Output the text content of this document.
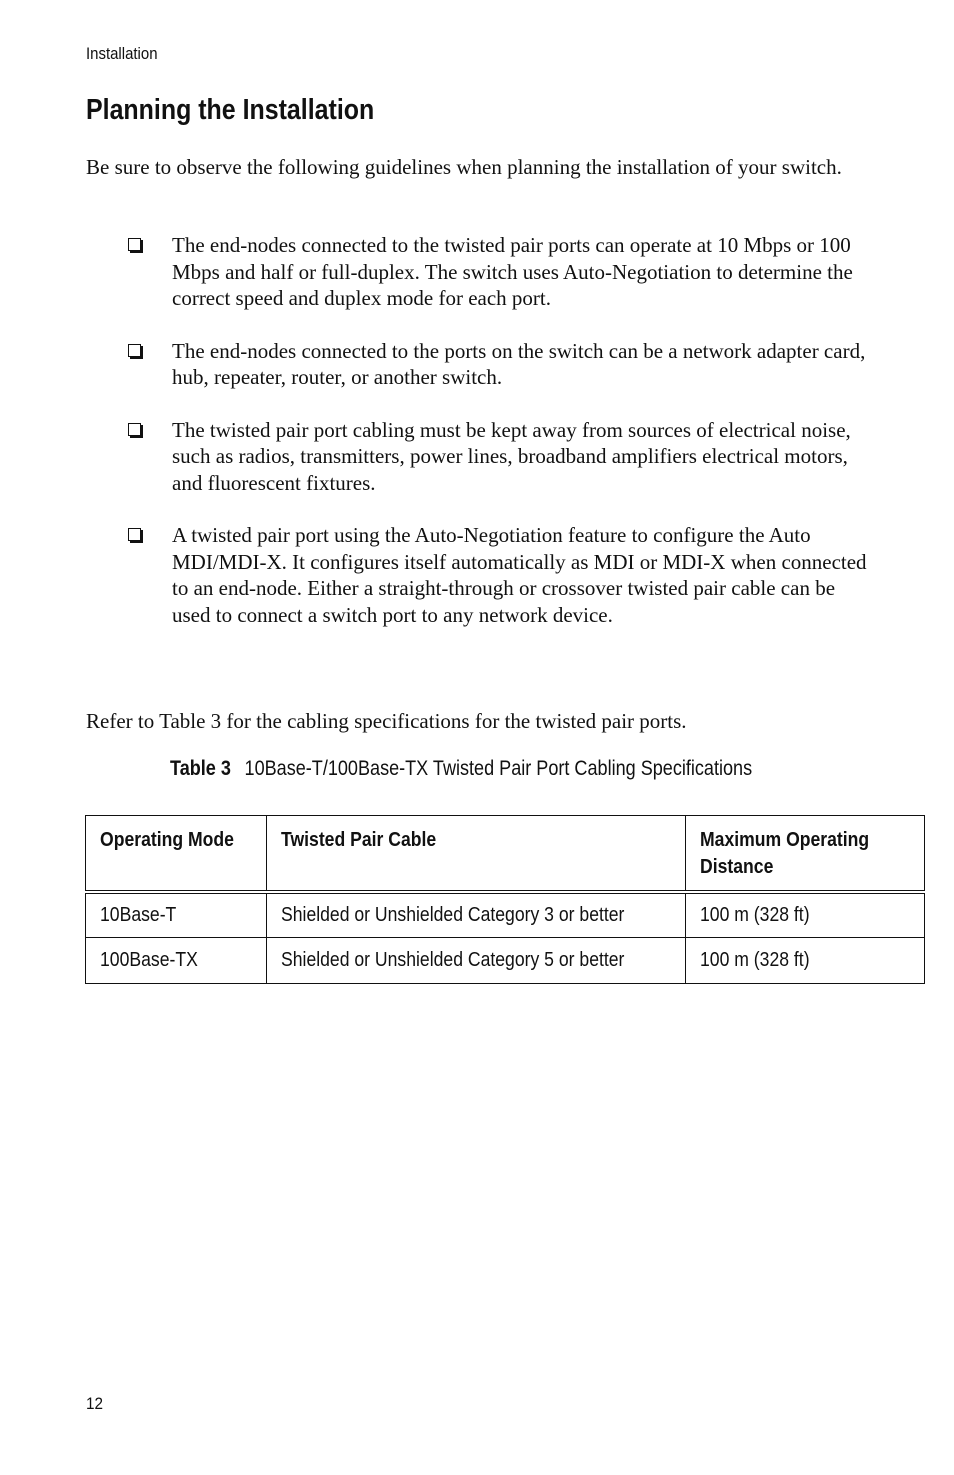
Installation
Planning the Installation

Be sure to observe the following guidelines when planning the installation of your switch.

The end-nodes connected to the twisted pair ports can operate at 10 Mbps or 100 Mbps and half or full-duplex. The switch uses Auto-Negotiation to determine the correct speed and duplex mode for each port.
The end-nodes connected to the ports on the switch can be a network adapter card, hub, repeater, router, or another switch.
The twisted pair port cabling must be kept away from sources of electrical noise, such as radios, transmitters, power lines, broadband amplifiers electrical motors, and fluorescent fixtures.
A twisted pair port using the Auto-Negotiation feature to configure the Auto MDI/MDI-X. It configures itself automatically as MDI or MDI-X when connected to an end-node. Either a straight-through or crossover twisted pair cable can be used to connect a switch port to any network device.

Refer to Table 3 for the cabling specifications for the twisted pair ports.

Table 3 10Base-T/100Base-TX Twisted Pair Port Cabling Specifications
Operating Mode	Twisted Pair Cable	Maximum Operating Distance

10Base-T	Shielded or Unshielded Category 3 or better	100 m (328 ft)
100Base-TX	Shielded or Unshielded Category 5 or better	100 m (328 ft)
12
